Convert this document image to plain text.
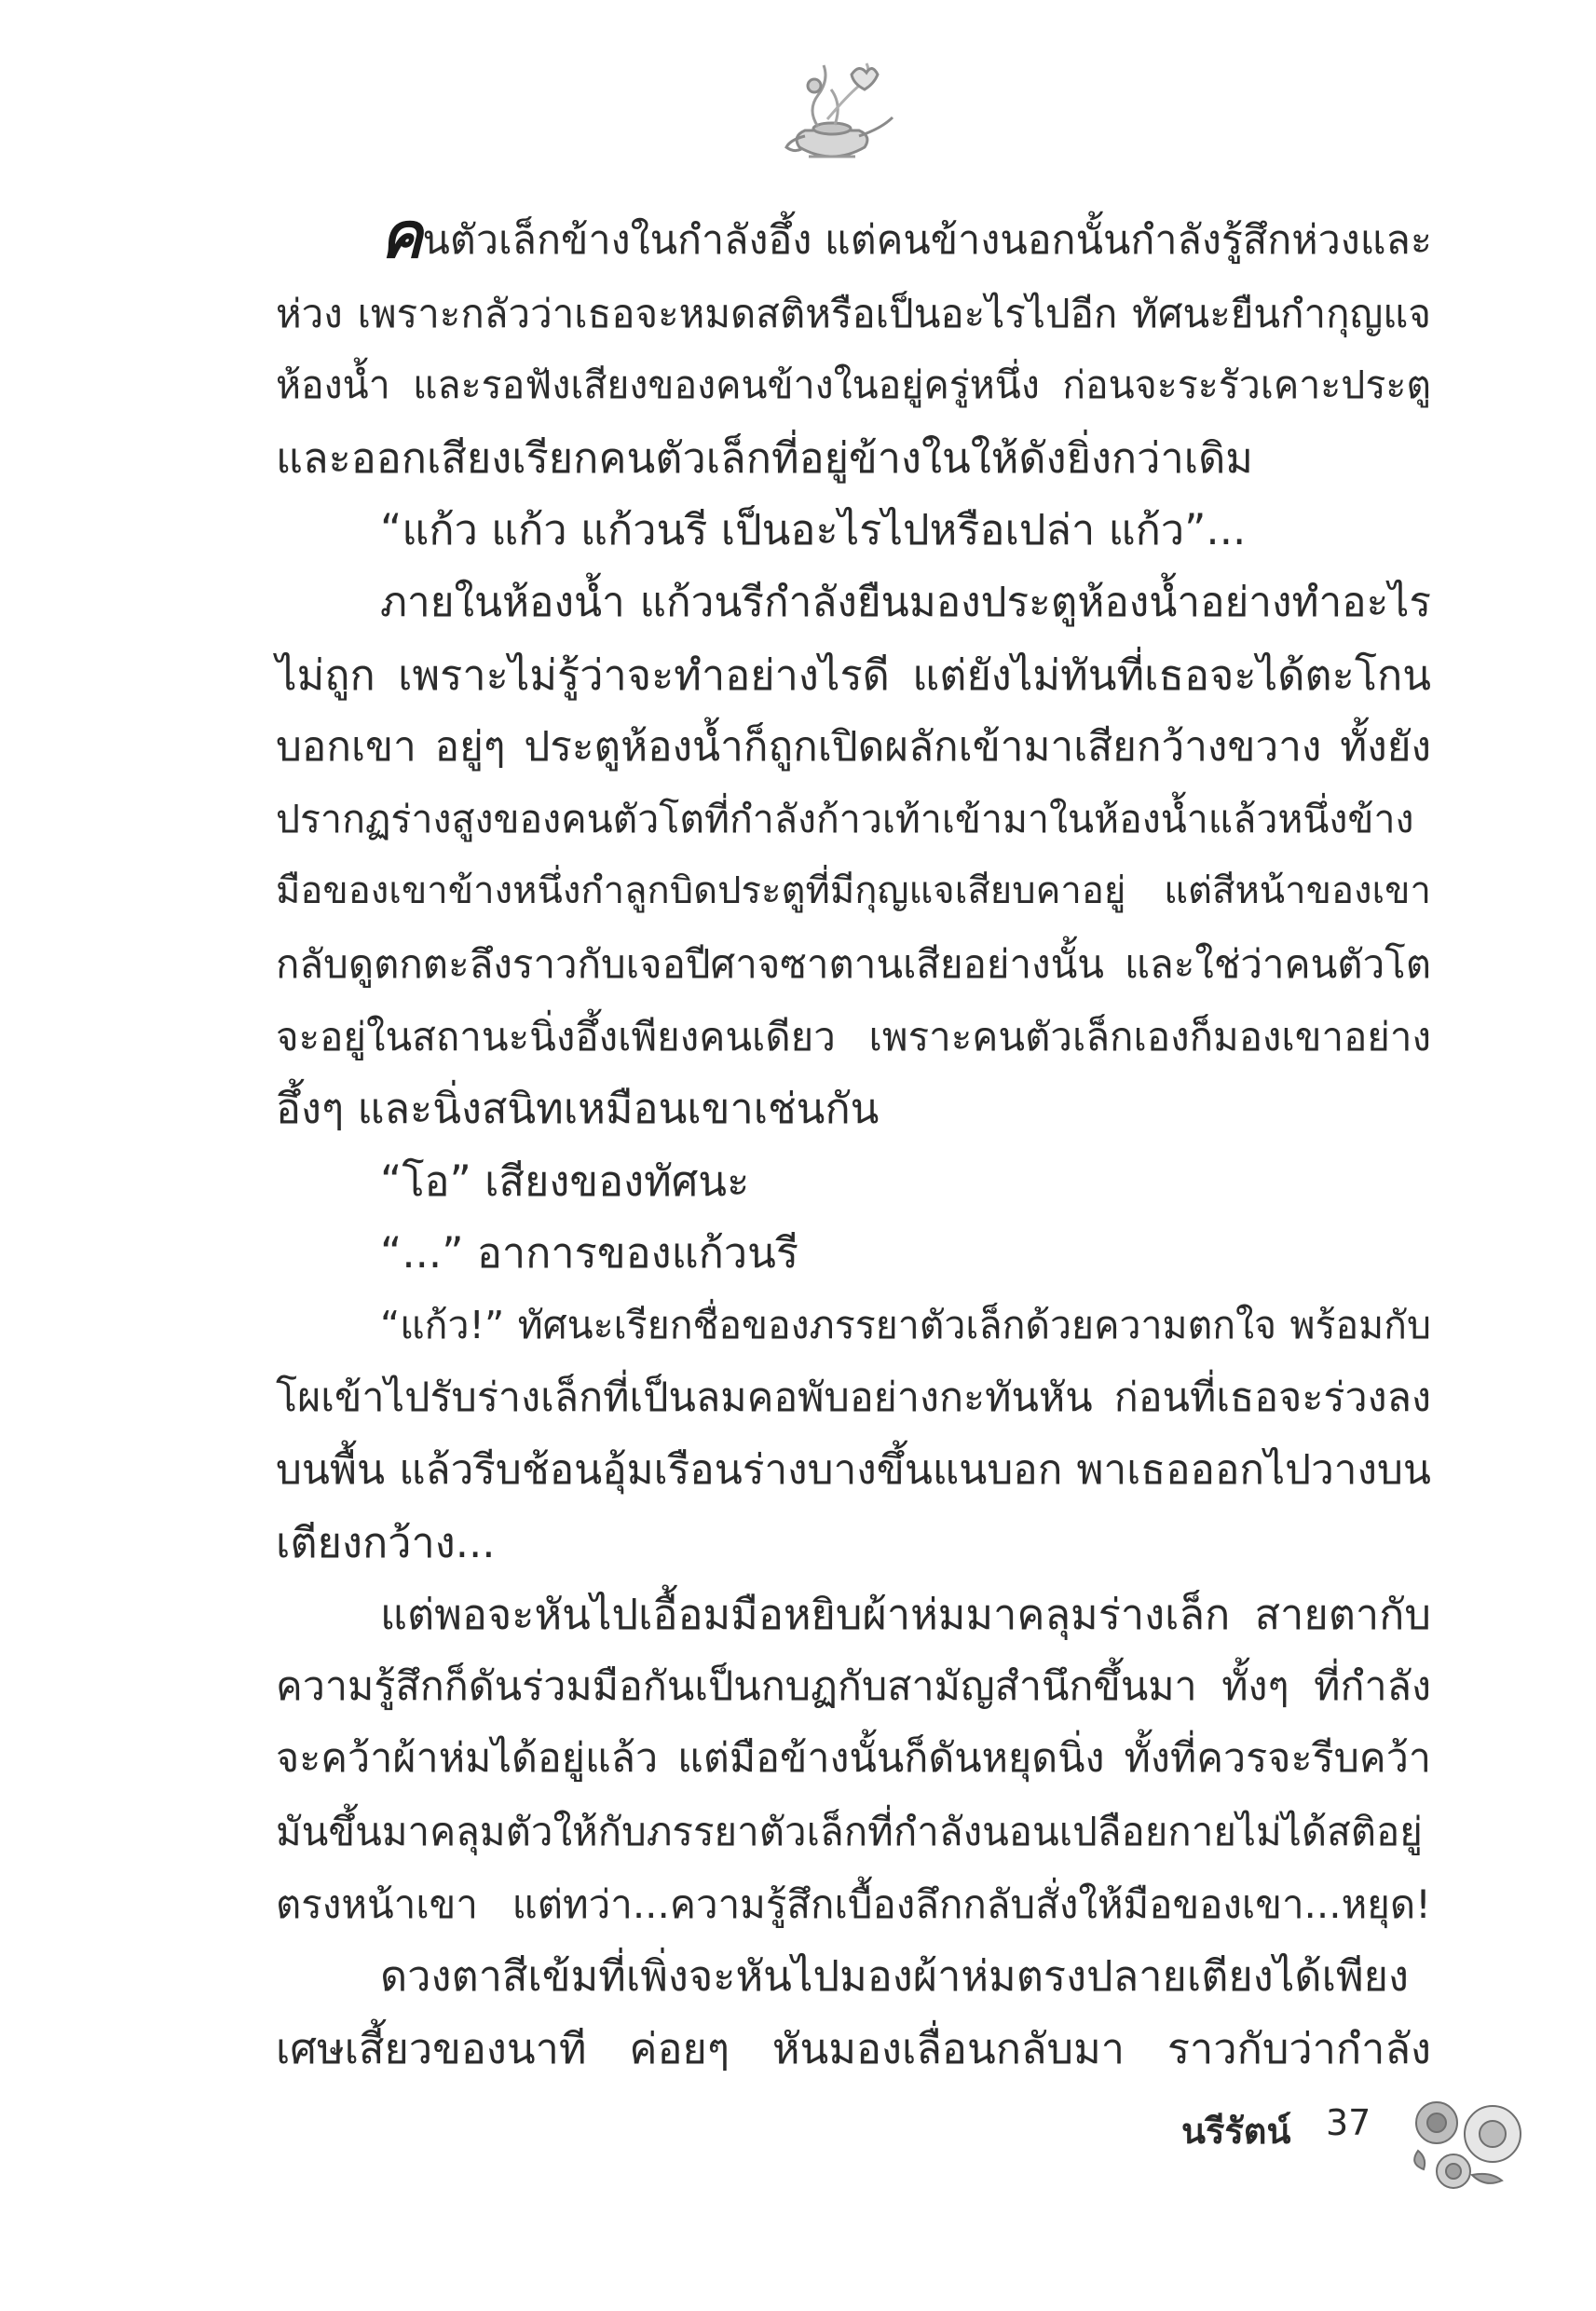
คนตัวเล็กข้างในกำลังอึ้ง แต่คนข้างนอกนั้นกำลังรู้สึกห่วงและ
ห่วง เพราะกลัวว่าเธอจะหมดสติหรือเป็นอะไรไปอีก ทัศนะยืนกำกุญแจ
ห้องน้ำ และรอฟังเสียงของคนข้างในอยู่ครู่หนึ่ง ก่อนจะระรัวเคาะประตู
และออกเสียงเรียกคนตัวเล็กที่อยู่ข้างในให้ดังยิ่งกว่าเดิม
“แก้ว แก้ว แก้วนรี เป็นอะไรไปหรือเปล่า แก้ว”...
ภายในห้องน้ำ แก้วนรีกำลังยืนมองประตูห้องน้ำอย่างทำอะไร
ไม่ถูก เพราะไม่รู้ว่าจะทำอย่างไรดี แต่ยังไม่ทันที่เธอจะได้ตะโกน
บอกเขา อยู่ๆ ประตูห้องน้ำก็ถูกเปิดผลักเข้ามาเสียกว้างขวาง ทั้งยัง
ปรากฏร่างสูงของคนตัวโตที่กำลังก้าวเท้าเข้ามาในห้องน้ำแล้วหนึ่งข้าง
มือของเขาข้างหนึ่งกำลูกบิดประตูที่มีกุญแจเสียบคาอยู่ แต่สีหน้าของเขา
กลับดูตกตะลึงราวกับเจอปีศาจซาตานเสียอย่างนั้น และใช่ว่าคนตัวโต
จะอยู่ในสถานะนิ่งอึ้งเพียงคนเดียว เพราะคนตัวเล็กเองก็มองเขาอย่าง
อึ้งๆ และนิ่งสนิทเหมือนเขาเช่นกัน
“โอ” เสียงของทัศนะ
“...” อาการของแก้วนรี
“แก้ว!” ทัศนะเรียกชื่อของภรรยาตัวเล็กด้วยความตกใจ พร้อมกับ
โผเข้าไปรับร่างเล็กที่เป็นลมคอพับอย่างกะทันหัน ก่อนที่เธอจะร่วงลง
บนพื้น แล้วรีบช้อนอุ้มเรือนร่างบางขึ้นแนบอก พาเธอออกไปวางบน
เตียงกว้าง...
แต่พอจะหันไปเอื้อมมือหยิบผ้าห่มมาคลุมร่างเล็ก สายตากับ
ความรู้สึกก็ดันร่วมมือกันเป็นกบฏกับสามัญสำนึกขึ้นมา ทั้งๆ ที่กำลัง
จะคว้าผ้าห่มได้อยู่แล้ว แต่มือข้างนั้นก็ดันหยุดนิ่ง ทั้งที่ควรจะรีบคว้า
มันขึ้นมาคลุมตัวให้กับภรรยาตัวเล็กที่กำลังนอนเปลือยกายไม่ได้สติอยู่
ตรงหน้าเขา แต่ทว่า...ความรู้สึกเบื้องลึกกลับสั่งให้มือของเขา...หยุด!
ดวงตาสีเข้มที่เพิ่งจะหันไปมองผ้าห่มตรงปลายเตียงได้เพียง
เศษเสี้ยวของนาที ค่อยๆ หันมองเลื่อนกลับมา ราวกับว่ากำลัง
นรีรัตน์ 37
